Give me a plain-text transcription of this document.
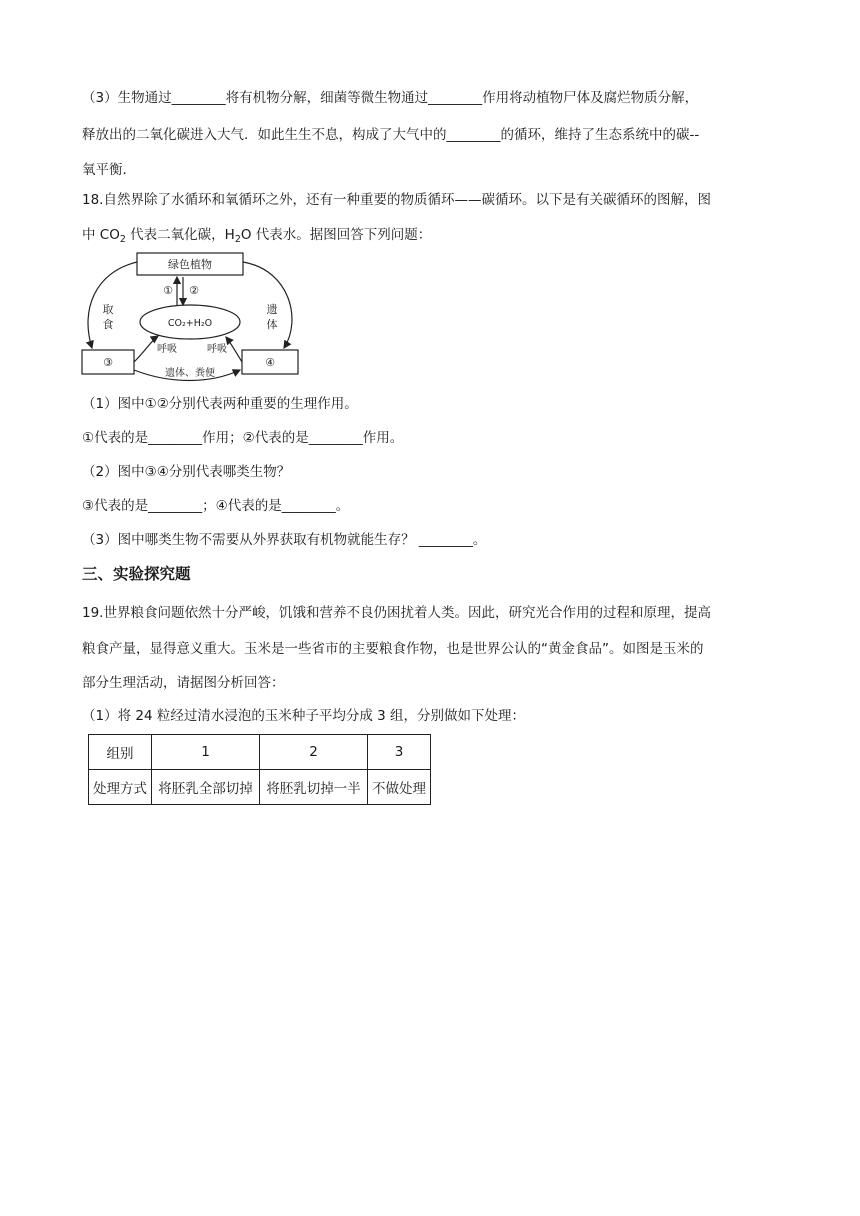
（3）生物通过________将有机物分解，细菌等微生物通过________作用将动植物尸体及腐烂物质分解，
释放出的二氧化碳进入大气．如此生生不息，构成了大气中的________的循环，维持了生态系统中的碳--
氧平衡．
18.自然界除了水循环和氧循环之外，还有一种重要的物质循环——碳循环。以下是有关碳循环的图解，图
中 $CO_2$ 代表二氧化碳，$H_2O$ 代表水。据图回答下列问题：
绿色植物
① ②
CO₂+H₂O
③	④
取
食
遗
体
呼吸	呼吸
遗体、粪便
（1）图中①②分别代表两种重要的生理作用。
①代表的是________作用；②代表的是________作用。
（2）图中③④分别代表哪类生物？
③代表的是________；④代表的是________。
（3）图中哪类生物不需要从外界获取有机物就能生存？ ________。
三、实验探究题
19.世界粮食问题依然十分严峻，饥饿和营养不良仍困扰着人类。因此，研究光合作用的过程和原理，提高
粮食产量，显得意义重大。玉米是一些省市的主要粮食作物，也是世界公认的“黄金食品”。如图是玉米的
部分生理活动，请据图分析回答：
（1）将 24 粒经过清水浸泡的玉米种子平均分成 3 组，分别做如下处理：
组别	1	2	3
处理方式	将胚乳全部切掉	将胚乳切掉一半	不做处理
